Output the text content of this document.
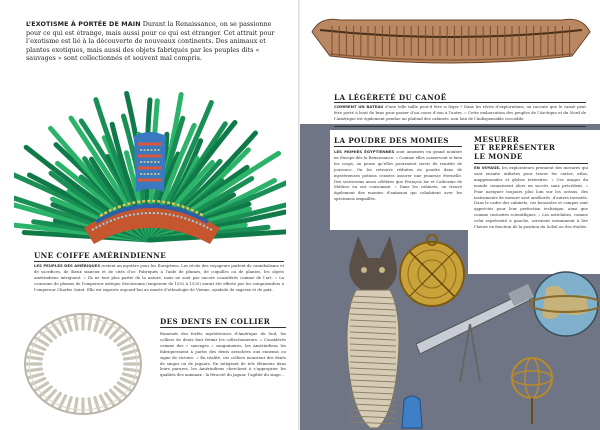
L’EXOTISME À PORTÉE DE MAIN Durant la Renaissance, on se passionne pour ce qui est étrange, mais aussi pour ce qui est étranger. Cet attrait pour l’exotisme est lié à la découverte de nouveaux continents. Des animaux et plantes exotiques, mais aussi des objets fabriqués par les peuples dits « sauvages » sont collectionnés et souvent mal compris.

UNE COIFFE AMÉRINDIENNE

LES PEUPLES DES AMÉRIQUES restent un mystère pour les Européens. Les récits des voyageurs parlent de cannibalisme et de sacrifices, de dieux sinueux et de cités d’or. Fabriqués à l’aide de plumes, de coquilles ou de plantes, les objets amérindiens intriguent. « Ils ne font plus partie de la nature, mais ne sont pas encore considérés comme de l’art. » La couronne de plumes de l’empereur aztèque Moctezuma (empereur de 1502 à 1520) aurait été offerte par les conquistadors à l’empereur Charles Quint. Elle est exposée aujourd’hui au musée d’ethnologie de Vienne, symbole de sagesse et de paix.

DES DENTS EN COLLIER

Ramenés des forêts mystérieuses d’Amérique du Sud, les colliers de dents font frémir les collectionneurs. « Considérés comme des « sauvages » sanguinaires, les Amérindiens les fabriqueraient à partie des dents arrachées aux ennemis ou signe de victoire. » En réalité, ces colliers montrent des dents de singes ou de jaguars. En intégrant de tels éléments dans leurs parures, les Amérindiens cherchent à s’approprier les qualités des animaux : la férocité du jaguar, l’agilité du singe…

LA LÉGÈRETÉ DU CANOË

COMMENT UN BATEAU d’une telle taille peut-il être si léger ? Dans les récits d’explorations, on raconte que le canoë peut être porté à bout de bras pour passer d’un cours d’eau à l’autre. « Cette embarcation des peuples de l’Arctique et du Nord de l’Amérique est également pendue au plafond des cabinets, non loin de l’indispensable crocodile.

LA POUDRE DES MOMIES

LES MOMIES ÉGYPTIENNES sont amenées en grand nombre en Europe dès la Renaissance. « Comme elles conservent si bien les corps, on pense qu’elles pourraient servir de remède de jouvence. On les retrouve réduites en poudre dans de mystérieuses potions censées assurer une jeunesse éternelle. Des souverains aussi célèbres que François Ier et Catherine de Médicis en ont consommé. » Dans les cabinets, on trouve également des momies d’animaux qui cohabitent avec les spécimens empaillés.

MESURER
ET REPRÉSENTER
LE MONDE

EN VOYAGE, les explorateurs prennent des mesures qui sont ensuite utilisées pour tracer les cartes, atlas, mappemondes et globes terrestres. « Ces usages du monde connaissent alors un succès sans précédent. » Pour naviguer toujours plus loin sur les océans, des instruments de mesure sont améliorés, d’autres inventés. Dans le cadre des cabinets, ces boussoles et compas sont appréciés pour leur perfection technique, ainsi que comme curiosités scientifiques. « Les astrolabes, comme celui représenté à gauche, servaient notamment à lire l’heure en fonction de la position du Soleil ou des étoiles.
